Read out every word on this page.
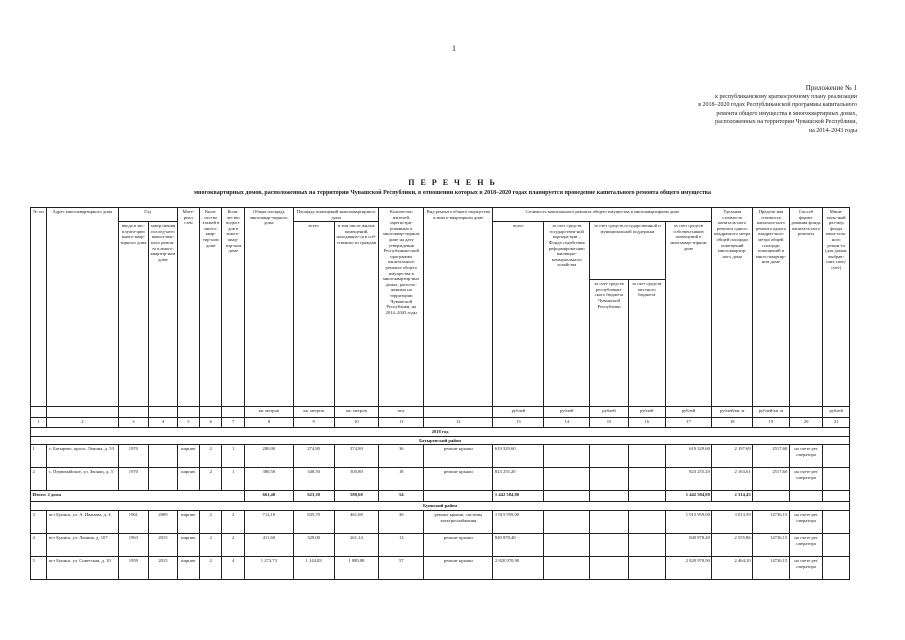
1
Приложение № 1
к республиканскому краткосрочному плану реализации
в 2018–2020 годах Республиканской программы капитального
ремонта общего имущества в многоквартирных домах,
расположенных на территории Чувашской Республики,
на 2014–2043 годы
П Е Р Е Ч Е Н Ь
многоквартирных домов, расположенных на территории Чувашской Республики, в отношении которых в 2018–2020 годах планируется проведение капитального ремонта общего имущества
№ пп	Адрес многоквартирного дома	Год		Мате-риал стен	Коли-чество этажей в много-квар-тир-ном доме	Коли-чество подъез-дов в много-квар-тир-ном доме	Общая площадь многоквар-тирного дома	Площадь помещений многоквартирного дома		Количество жителей, зарегистри-рованных в многоквар-тирном доме на дату утверждения Республикан-ской программы капитального ремонта общего имущества в многоквартир-ных домах, располо-женных на территории Чувашской Республики, на 2014–2043 годы	Вид ремонта общего имущества в много-квартирном доме	Стоимость капитального ремонта общего имущества в многоквартирном доме					Удельная стоимость капиталь-ного ремонта одного квадратного метра общей площади помещений многоквартир-ного дома	Предель-ная стоимость капиталь-ного ремонта одного квадрат-ного метра общей площади помещений в много-квартир-ном доме	Способ форми-рования фонда капиталь-ного ремонта	Мини-маль-ный раз-мер фонда капи-таль-ного ремон-та (для домов, выбрав-ших спец-счет)
		ввода в экс-плуата-цию много-квар-тирного дома	завер-шения послед-него выпол-нен-ного ремон-та в много-квартир-ном доме					всего	в том числе жилых помещений, находящих-ся в соб-ственности граждан			всего	за счет средств государствен-ной корпора-ции – Фонда содействия реформирова-нию жилищно-коммунального хозяйства	за счет средств государственной и муниципальной поддержки		за счет средств собствен-ников помещений в многоквар-тирном доме				
														за счет средств республикан-ского бюджета Чувашской Республики	за счет средств местного бюджета					
							кв. метров	кв. метров	кв. метров	чел.		рублей	рублей	рублей	рублей	рублей	рублей/кв. м	рублей/кв. м		рублей
1	2	3	4	5	6	7	8	9	10	11	12	13	14	15	16	17	18	19	20	21
2018 год																				
Батыревский район																				
1	с. Батырево, просп. Ленина, д. 53	1970		кирпич	2	1	280,00	274,80	274,80	36	ремонт крыши	619 329,60				619 329,60	2 197,69	2517,60	на счете рег оператора	
2	с. Первомайское, ул. Звонац, д. 3	1970		кирпич	2	1	380,50	348,50	305,80	18	ремонт крыши	823 255,20				823 255,20	2 163,61	2517,60	на счете рег оператора	
Итого: 2 дома							661,40	623,30	580,60	54		1 442 584,80				1 442 584,80	2 314,43			
Буинский район																				
3	пгт Буинск, ул. А. Иванова, д. 4	1961	2009	кирпич	2	2	712,10	635,70	461,68	30	ремонт крыши, системы электроснабжения	1 915 959,00				1 915 959,00	3 013,59	14736,15	на счете рег оператора	
4	пгт Буинск, ул. Ленина, д. 107	1963	2015	кирпич	2	2	411,60	329,00	261,14	13	ремонт крыши	840 878,40				840 878,40	2 555,86	14736,15	на счете рег оператора	
5	пгт Буинск, ул. Советская, д. 10	1959	2015	кирпич	2	4	1 273,73	1 144,83	1 089,88	57	ремонт крыши	2 820 970,90				2 820 970,90	2 464,10	14736,15	на счете рег оператора	
